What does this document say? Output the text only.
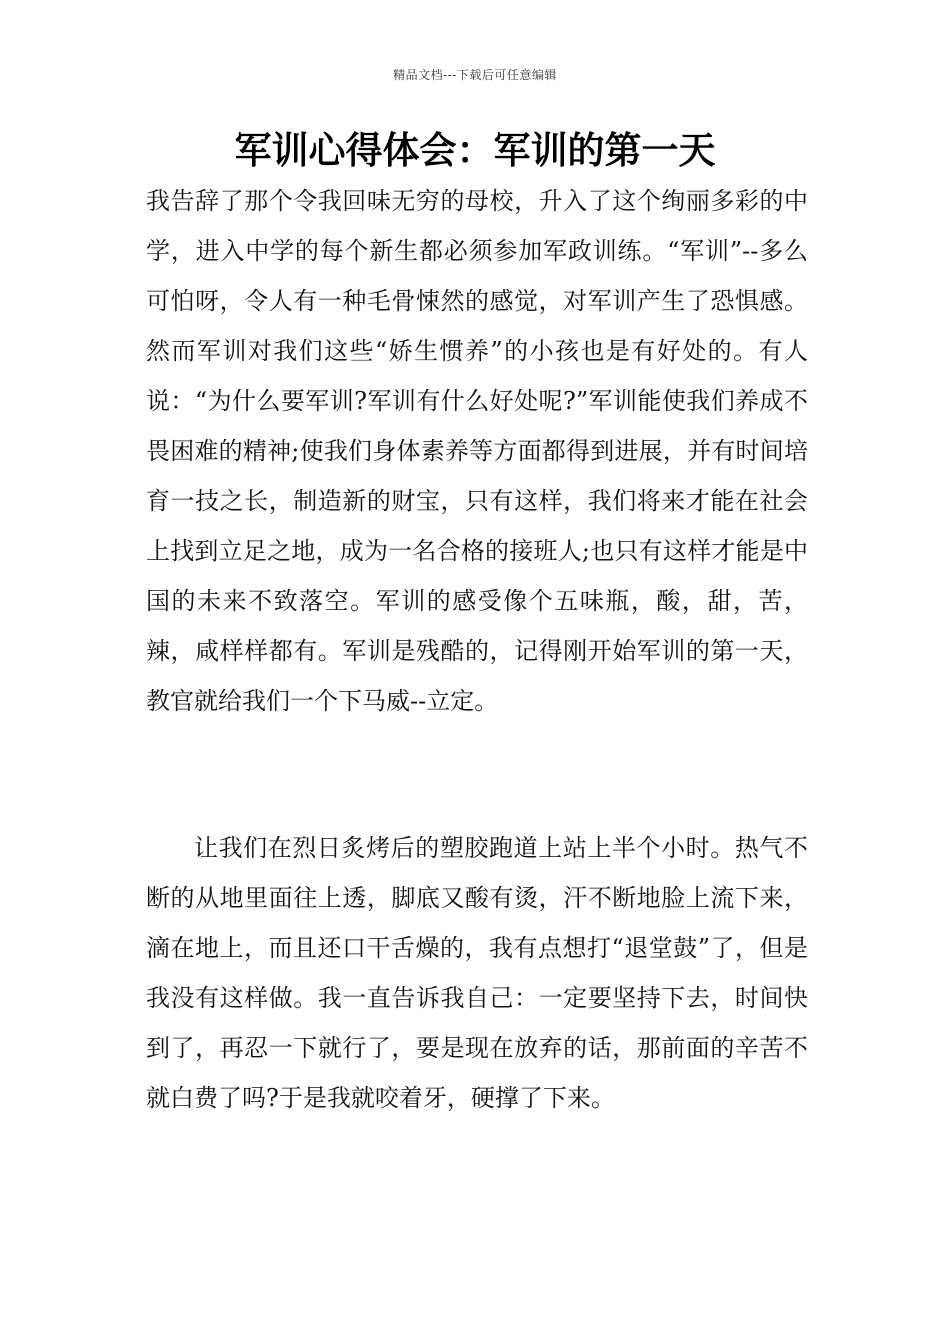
精品文档---下载后可任意编辑
军训心得体会：军训的第一天

我告辞了那个令我回味无穷的母校，升入了这个绚丽多彩的中学，进入中学的每个新生都必须参加军政训练。“军训”--多么可怕呀，令人有一种毛骨悚然的感觉，对军训产生了恐惧感。然而军训对我们这些“娇生惯养”的小孩也是有好处的。有人说：“为什么要军训?军训有什么好处呢?”军训能使我们养成不畏困难的精神;使我们身体素养等方面都得到进展，并有时间培育一技之长，制造新的财宝，只有这样，我们将来才能在社会上找到立足之地，成为一名合格的接班人;也只有这样才能是中国的未来不致落空。军训的感受像个五味瓶，酸，甜，苦，辣，咸样样都有。军训是残酷的，记得刚开始军训的第一天，教官就给我们一个下马威--立定。

让我们在烈日炙烤后的塑胶跑道上站上半个小时。热气不断的从地里面往上透，脚底又酸有烫，汗不断地脸上流下来，滴在地上，而且还口干舌燥的，我有点想打“退堂鼓”了，但是我没有这样做。我一直告诉我自己：一定要坚持下去，时间快到了，再忍一下就行了，要是现在放弃的话，那前面的辛苦不就白费了吗?于是我就咬着牙，硬撑了下来。
